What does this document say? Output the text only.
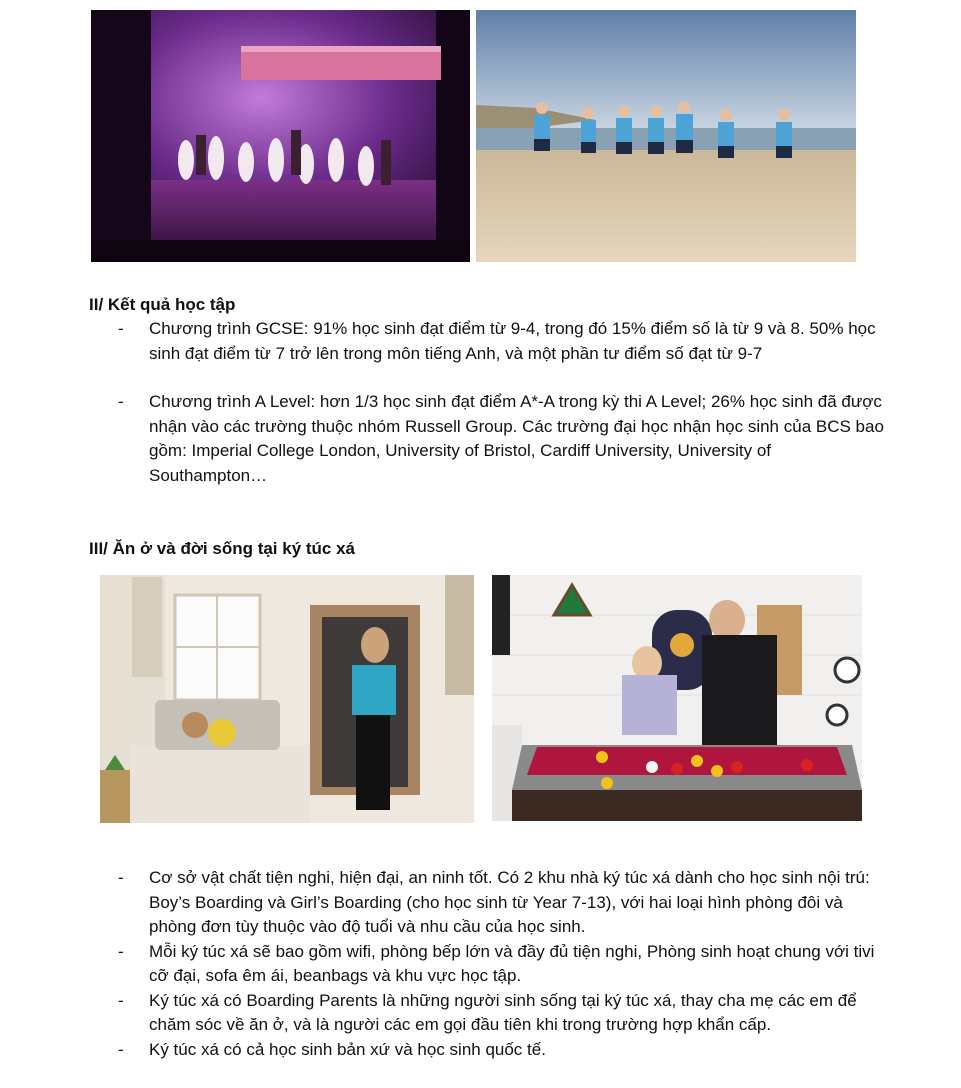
II/ Kết quả học tập
- Chương trình GCSE: 91% học sinh đạt điểm từ 9-4, trong đó 15% điểm số là từ 9 và 8. 50% học sinh đạt điểm từ 7 trở lên trong môn tiếng Anh, và một phần tư điểm số đạt từ 9-7
- Chương trình A Level: hơn 1/3 học sinh đạt điểm A*-A trong kỳ thi A Level; 26% học sinh đã được nhận vào các trường thuộc nhóm Russell Group. Các trường đại học nhận học sinh của BCS bao gồm: Imperial College London, University of Bristol, Cardiff University, University of Southampton…
III/ Ăn ở và đời sống tại ký túc xá
- Cơ sở vật chất tiện nghi, hiện đại, an ninh tốt. Có 2 khu nhà ký túc xá dành cho học sinh nội trú: Boy’s Boarding và Girl’s Boarding (cho học sinh từ Year 7-13), với hai loại hình phòng đôi và phòng đơn tùy thuộc vào độ tuổi và nhu cầu của học sinh.
- Mỗi ký túc xá sẽ bao gồm wifi, phòng bếp lớn và đầy đủ tiện nghi, Phòng sinh hoạt chung với tivi cỡ đại, sofa êm ái, beanbags và khu vực học tập.
- Ký túc xá có Boarding Parents là những người sinh sống tại ký túc xá, thay cha mẹ các em để chăm sóc về ăn ở, và là người các em gọi đầu tiên khi trong trường hợp khẩn cấp.
- Ký túc xá có cả học sinh bản xứ và học sinh quốc tế.
